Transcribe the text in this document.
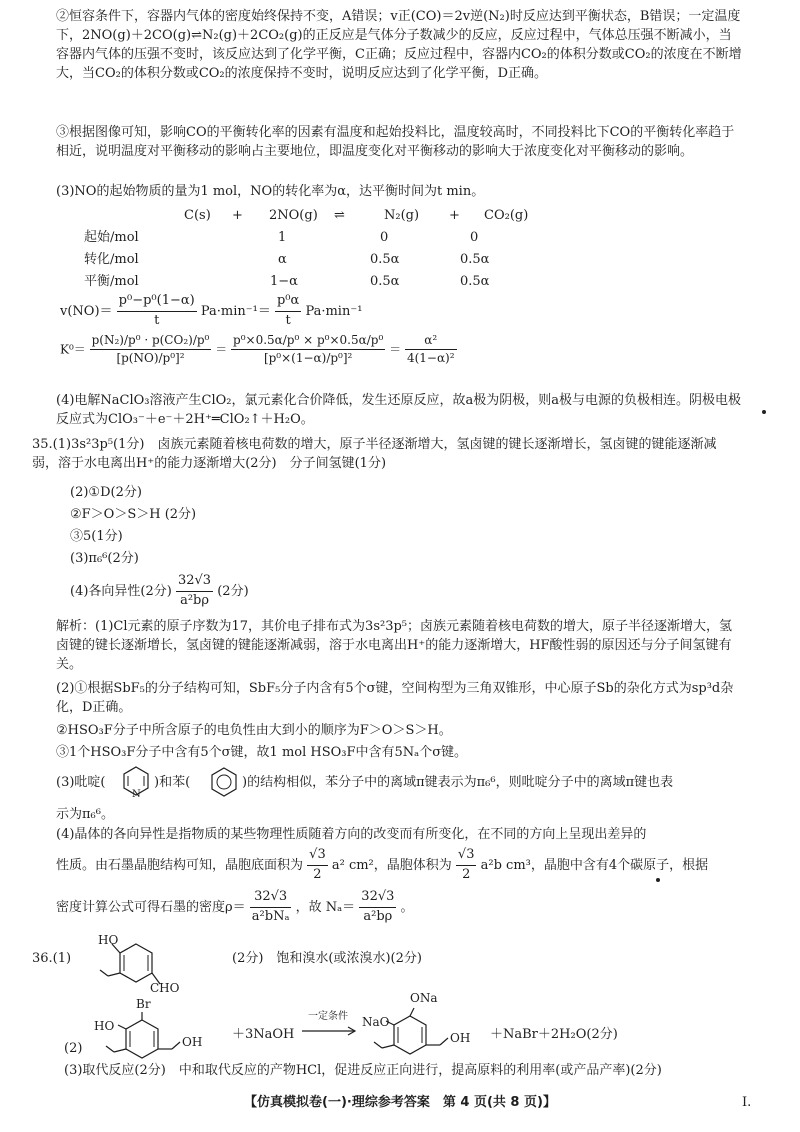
②恒容条件下，容器内气体的密度始终保持不变，A错误；v正(CO)＝2v逆(N₂)时反应达到平衡状态，B错误；一定温度下，2NO(g)＋2CO(g)⇌N₂(g)＋2CO₂(g)的正反应是气体分子数减少的反应，反应过程中，气体总压强不断减小，当容器内气体的压强不变时，该反应达到了化学平衡，C正确；反应过程中，容器内CO₂的体积分数或CO₂的浓度在不断增大，当CO₂的体积分数或CO₂的浓度保持不变时，说明反应达到了化学平衡，D正确。

③根据图像可知，影响CO的平衡转化率的因素有温度和起始投料比，温度较高时，不同投料比下CO的平衡转化率趋于相近，说明温度对平衡移动的影响占主要地位，即温度变化对平衡移动的影响大于浓度变化对平衡移动的影响。

(3)NO的起始物质的量为1 mol，NO的转化率为α，达平衡时间为t min。

C(s) + 2NO(g) ⇌	N₂(g) + CO₂(g)
起始/mol	1	0	0
转化/mol	α	0.5α	0.5α
平衡/mol	1−α	0.5α	0.5α
$v(NO)= \frac{\text{p⁰−p⁰(1−α)}}{t} Pa\cdot\min^{-1}= \frac{\text{p⁰α}}{t} Pa\cdot\min^{-1}$
$K^0= \frac{\text{p(N₂)/p⁰ · p(CO₂)/p⁰}}{\text{[p(NO)/p⁰]²}} = \frac{\text{p⁰×0.5α/p⁰ × p⁰×0.5α/p⁰}}{\text{[p⁰×(1−α)/p⁰]²}} = \frac{\text{α²}}{\text{4(1−α)²}}$

(4)电解NaClO₃溶液产生ClO₂，氯元素化合价降低，发生还原反应，故a极为阴极，则a极与电源的负极相连。阴极电极反应式为ClO₃⁻＋e⁻＋2H⁺═ClO₂↑＋H₂O。

35.(1)3s²3p⁵(1分)　卤族元素随着核电荷数的增大，原子半径逐渐增大，氢卤键的键长逐渐增长，氢卤键的键能逐渐减弱，溶于水电离出H⁺的能力逐渐增大(2分)　分子间氢键(1分)

(2)①D(2分)

②F＞O＞S＞H (2分)

③5(1分)

(3)π₆⁶(2分)

(4)各向异性(2分) $\frac{32√3}{\text{a²bρ}} (2$分)

解析：(1)Cl元素的原子序数为17，其价电子排布式为3s²3p⁵；卤族元素随着核电荷数的增大，原子半径逐渐增大，氢卤键的键长逐渐增长，氢卤键的键能逐渐减弱，溶于水电离出H⁺的能力逐渐增大，HF酸性弱的原因还与分子间氢键有关。

(2)①根据SbF₅的分子结构可知，SbF₅分子内含有5个σ键，空间构型为三角双锥形，中心原子Sb的杂化方式为sp³d杂化，D正确。

②HSO₃F分子中所含原子的电负性由大到小的顺序为F＞O＞S＞H。

③1个HSO₃F分子中含有5个σ键，故1 mol HSO₃F中含有5Nₐ个σ键。

(3)吡啶(
N
)和苯(	)的结构相似，苯分子中的离域π键表示为π₆⁶，则吡啶分子中的离域π键也表

示为π₆⁶。

(4)晶体的各向异性是指物质的某些物理性质随着方向的改变而有所变化，在不同的方向上呈现出差异的

性质。由石墨晶胞结构可知，晶胞底面积为 $\frac{√3}{2} a^2$ cm²，晶胞体积为 $\frac{√3}{2} a^2b$ cm³，晶胞中含有4个碳原子，根据
密度计算公式可得石墨的密度$\rho= \frac{32√3}{\text{a²bNₐ}}$ ，故 $N_a= \frac{32√3}{\text{a²bρ}}$ 。
36.(1)
HO
CHO
(2分)　饱和溴水(或浓溴水)(2分)
(2)
Br
HO
OH ＋3NaOH
一定条件
ONa
NaO
OH ＋NaBr＋2H₂O(2分)

(3)取代反应(2分)　中和取代反应的产物HCl，促进反应正向进行，提高原料的利用率(或产品产率)(2分)

【仿真模拟卷(一)·理综参考答案　第 4 页(共 8 页)】	I.
